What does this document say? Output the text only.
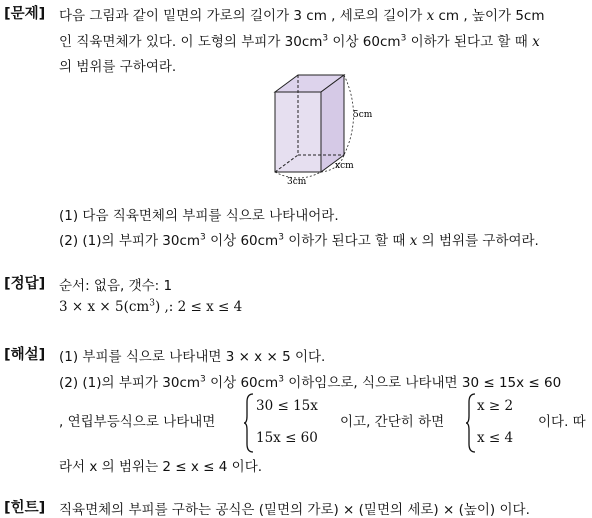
[문제] 다음 그림과 같이 밑면의 가로의 길이가 3 cm , 세로의 길이가 x cm , 높이가 5cm
인 직육면체가 있다. 이 도형의 부피가 $30cm^3$ 이상 $60cm^3$ 이하가 된다고 할 때 x
의 범위를 구하여라.
5cm
xcm
3cm
(1) 다음 직육면체의 부피를 식으로 나타내어라.
(2) (1)의 부피가 $30cm^3$ 이상 $60cm^3$ 이하가 된다고 할 때 x 의 범위를 구하여라.
[정답] 순서: 없음, 갯수: 1
$3 \times x \times 5(cm^3)$ ,: 2 ≤ x ≤ 4
[해설] (1) 부피를 식으로 나타내면 3 × x × 5 이다.
(2) (1)의 부피가 $30cm^3$ 이상 $60cm^3$ 이하임으로, 식으로 나타내면 30 ≤ 15x ≤ 60
, 연립부등식으로 나타내면
30 ≤ 15x
15x ≤ 60
이고, 간단히 하면
x ≥ 2
x ≤ 4
이다. 따
라서 x 의 범위는 2 ≤ x ≤ 4 이다.
[힌트] 직육면체의 부피를 구하는 공식은 (밑면의 가로) × (밑면의 세로) × (높이) 이다.
